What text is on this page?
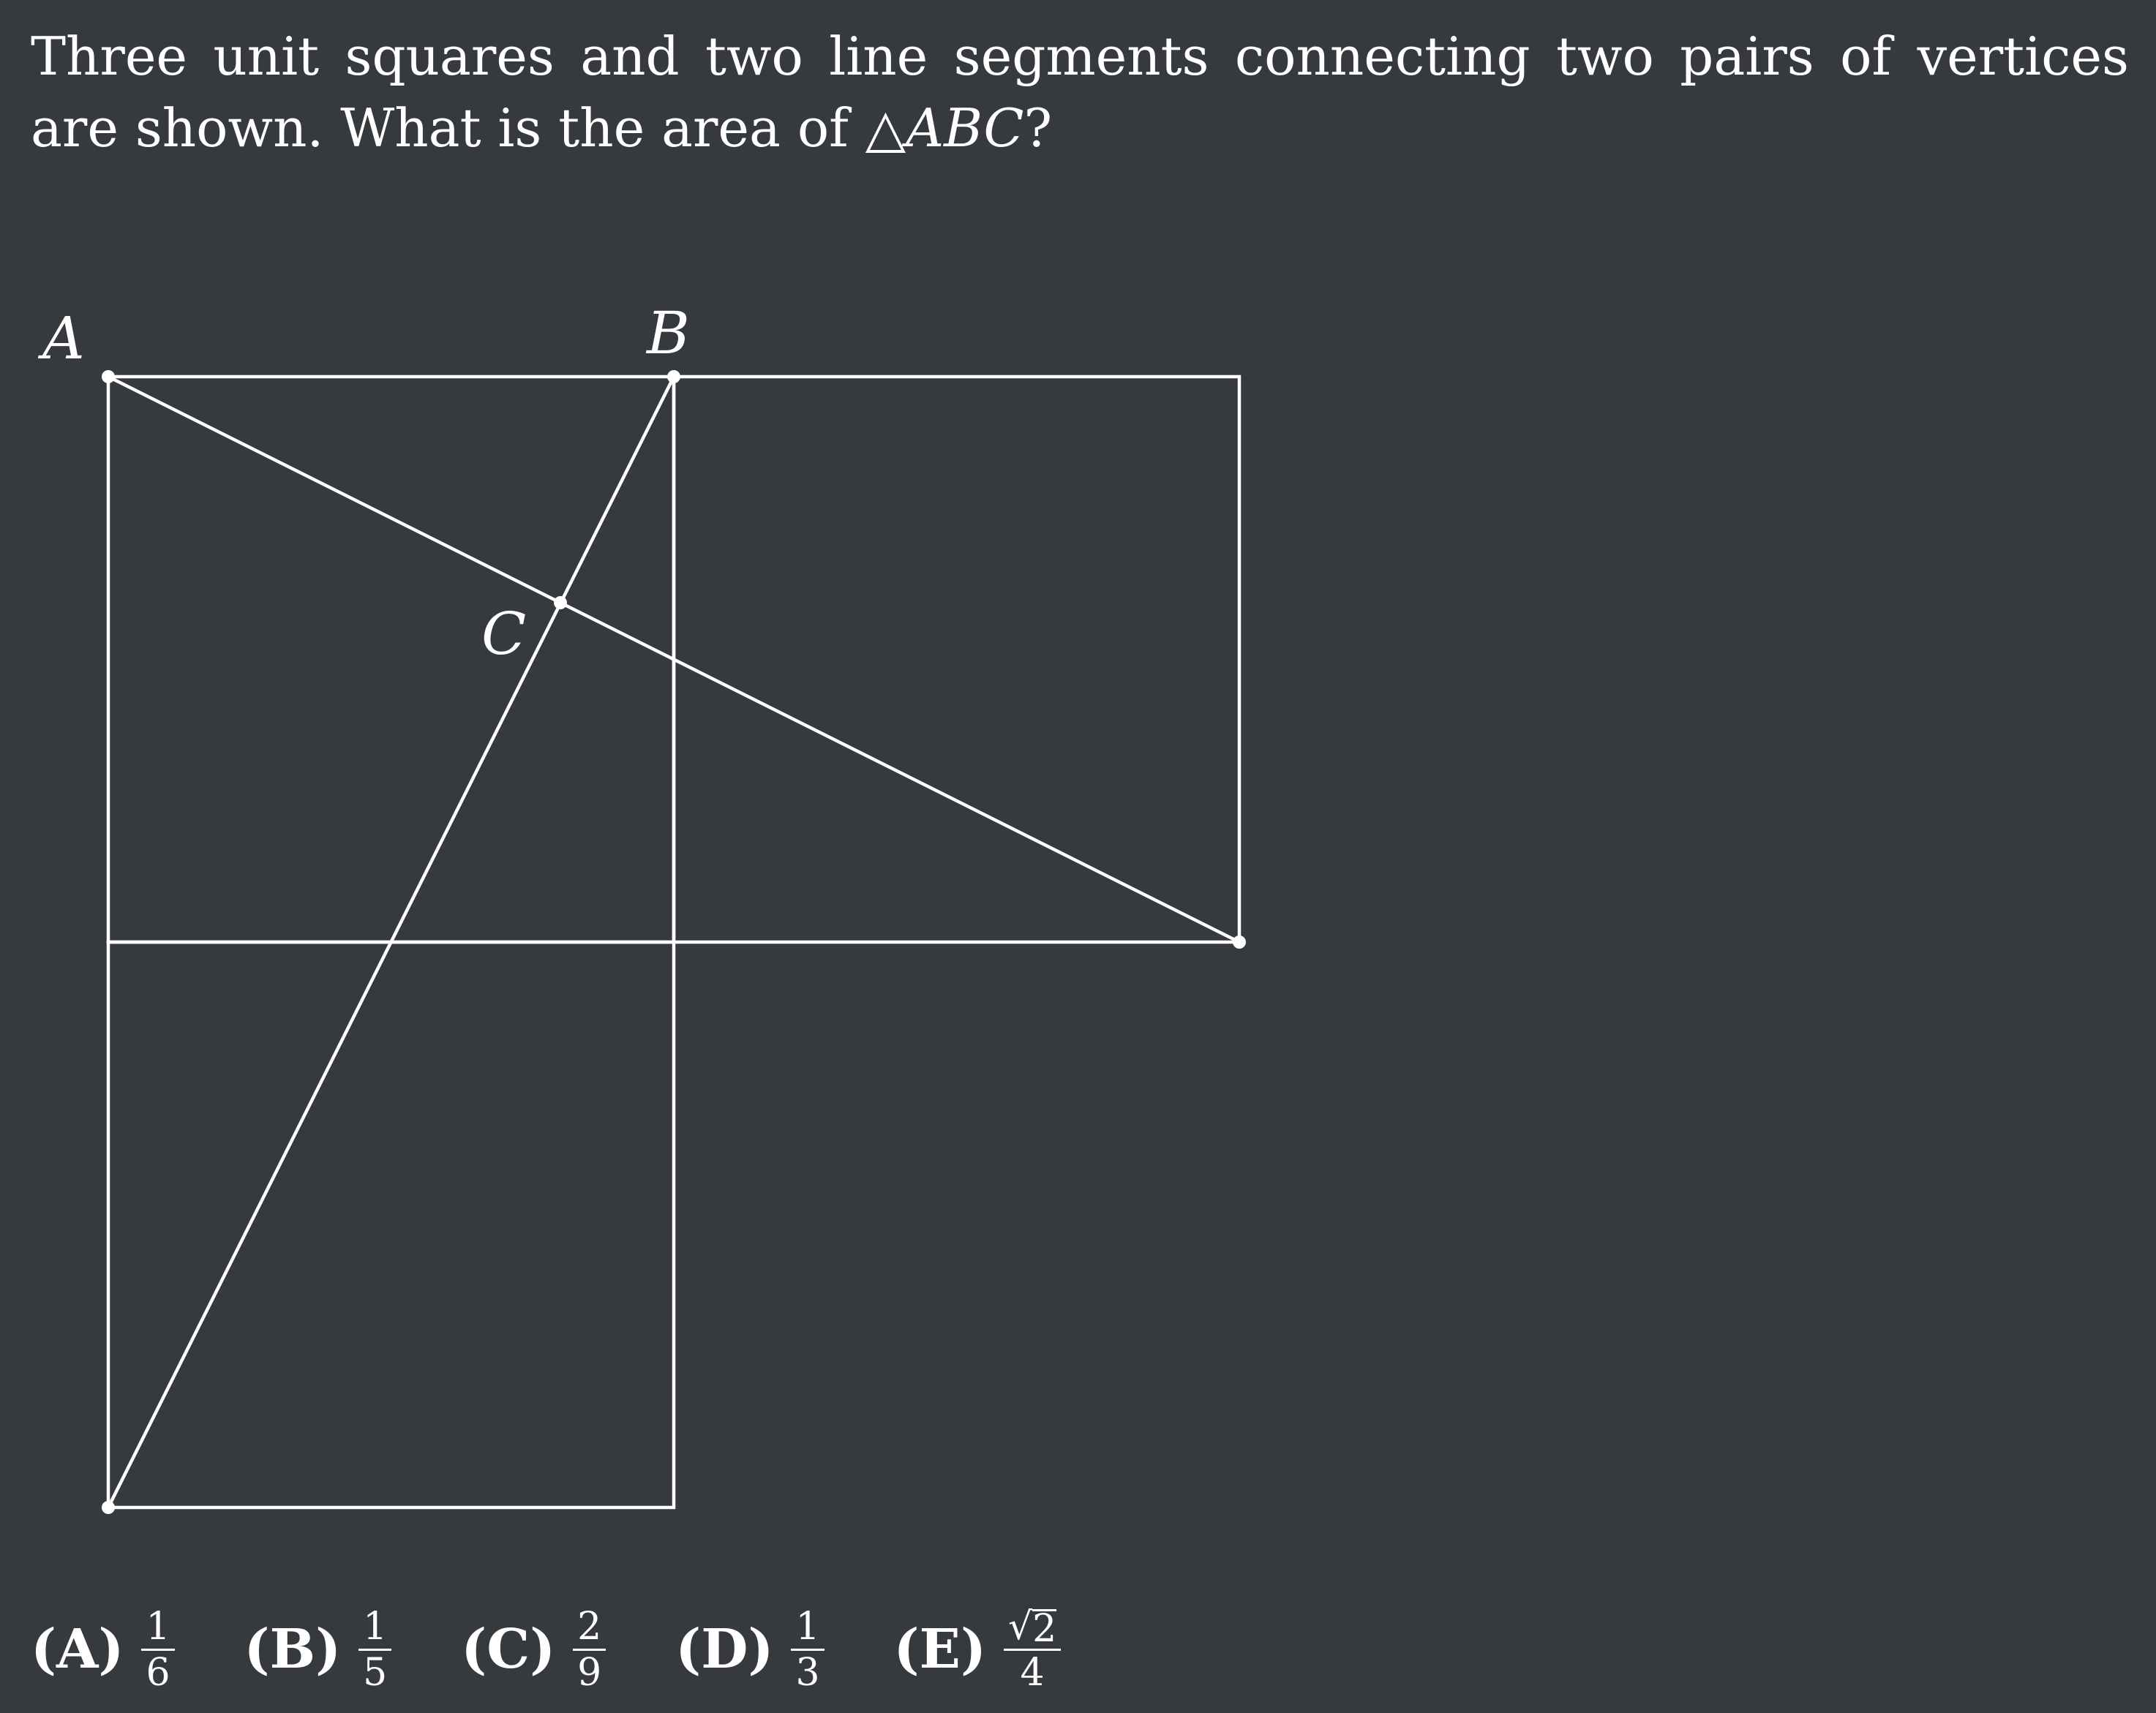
Three unit squares and two line segments connecting two pairs of vertices are shown. What is the area of △ABC?

A	B
C
$(A) \frac{1}{6} (B) \frac{1}{5} (C) \frac{2}{9} (D) \frac{1}{3} (E) \frac{√ 2}{4}$
